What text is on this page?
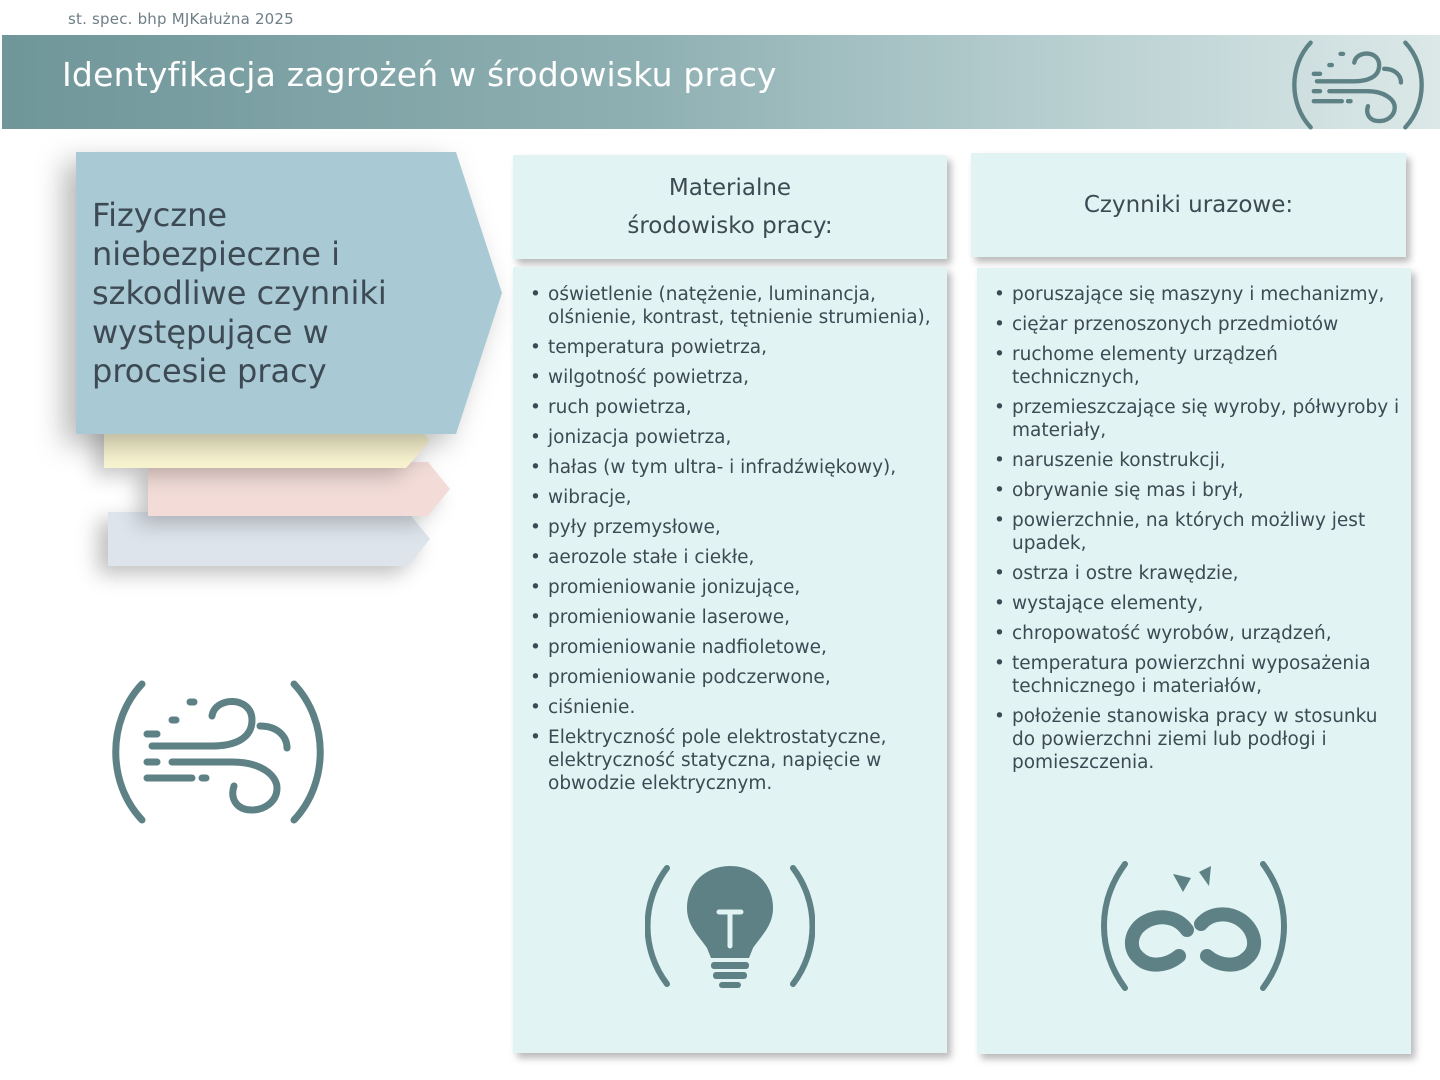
st. spec. bhp MJKałużna 2025
Identyfikacja zagrożeń w środowisku pracy
Fizyczne niebezpieczne i szkodliwe czynniki występujące w procesie pracy
Materialne środowisko pracy:
• oświetlenie (natężenie, luminancja, olśnienie, kontrast, tętnienie strumienia),
• temperatura powietrza,
• wilgotność powietrza,
• ruch powietrza,
• jonizacja powietrza,
• hałas (w tym ultra- i infradźwiękowy),
• wibracje,
• pyły przemysłowe,
• aerozole stałe i ciekłe,
• promieniowanie jonizujące,
• promieniowanie laserowe,
• promieniowanie nadfioletowe,
• promieniowanie podczerwone,
• ciśnienie.
• Elektryczność pole elektrostatyczne, elektryczność statyczna, napięcie w obwodzie elektrycznym.
Czynniki urazowe:
• poruszające się maszyny i mechanizmy,
• ciężar przenoszonych przedmiotów
• ruchome elementy urządzeń technicznych,
• przemieszczające się wyroby, półwyroby i materiały,
• naruszenie konstrukcji,
• obrywanie się mas i brył,
• powierzchnie, na których możliwy jest upadek,
• ostrza i ostre krawędzie,
• wystające elementy,
• chropowatość wyrobów, urządzeń,
• temperatura powierzchni wyposażenia technicznego i materiałów,
• położenie stanowiska pracy w stosunku do powierzchni ziemi lub podłogi i pomieszczenia.
